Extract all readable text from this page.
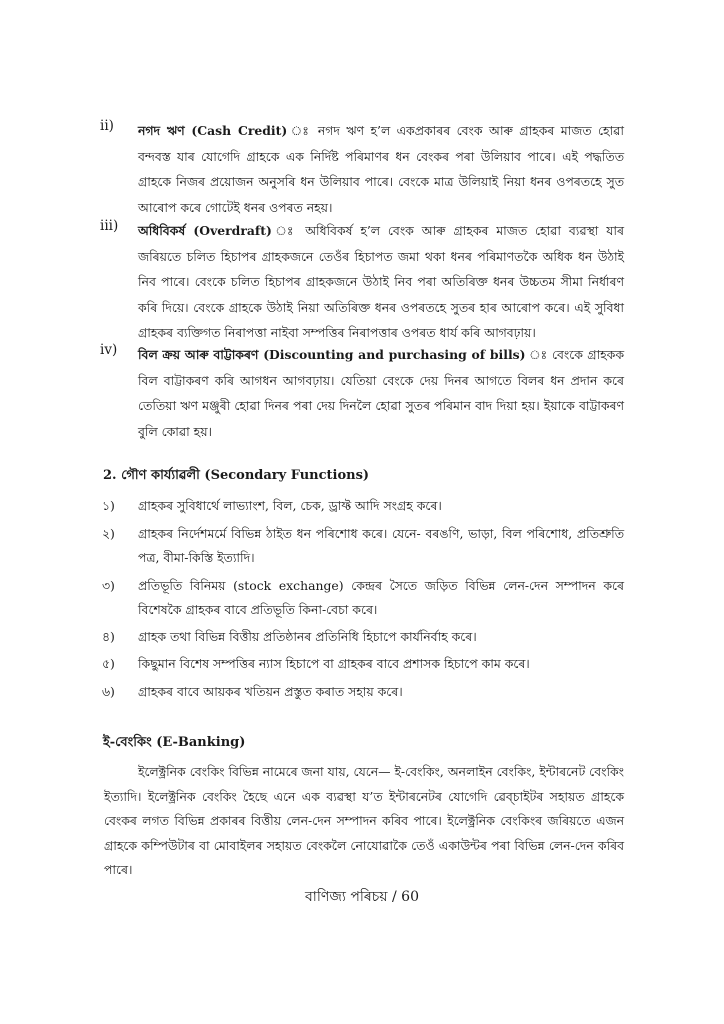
ii) নগদ ঋণ (Cash Credit) ঃ নগদ ঋণ হ’ল একপ্ৰকাৰৰ বেংক আৰু গ্ৰাহকৰ মাজত হোৱা বন্দবস্ত যাৰ যোগেদি গ্ৰাহকে এক নিৰ্দিষ্ট পৰিমাণৰ ধন বেংকৰ পৰা উলিয়াব পাৰে। এই পদ্ধতিত গ্ৰাহকে নিজৰ প্ৰয়োজন অনুসৰি ধন উলিয়াব পাৰে। বেংকে মাত্ৰ উলিয়াই নিয়া ধনৰ ওপৰতহে সুত আৰোপ কৰে গোটেই ধনৰ ওপৰত নহয়।
iii) অধিবিকৰ্ষ (Overdraft) ঃ অধিবিকৰ্ষ হ’ল বেংক আৰু গ্ৰাহকৰ মাজত হোৱা ব্যৱস্থা যাৰ জৰিয়তে চলিত হিচাপৰ গ্ৰাহকজনে তেওঁৰ হিচাপত জমা থকা ধনৰ পৰিমাণতকৈ অধিক ধন উঠাই নিব পাৰে। বেংকে চলিত হিচাপৰ গ্ৰাহকজনে উঠাই নিব পৰা অতিৰিক্ত ধনৰ উচ্চতম সীমা নিৰ্ধাৰণ কৰি দিয়ে। বেংকে গ্ৰাহকে উঠাই নিয়া অতিৰিক্ত ধনৰ ওপৰতহে সুতৰ হাৰ আৰোপ কৰে। এই সুবিধা গ্ৰাহকৰ ব্যক্তিগত নিৰাপত্তা নাইবা সম্পত্তিৰ নিৰাপত্তাৰ ওপৰত ধাৰ্য কৰি আগবঢ়ায়।
iv) বিল ক্ৰয় আৰু বাট্টাকৰণ (Discounting and purchasing of bills) ঃ বেংকে গ্ৰাহকক বিল বাট্টাকৰণ কৰি আগধন আগবঢ়ায়। যেতিয়া বেংকে দেয় দিনৰ আগতে বিলৰ ধন প্ৰদান কৰে তেতিয়া ঋণ মঞ্জুৰী হোৱা দিনৰ পৰা দেয় দিনলৈ হোৱা সুতৰ পৰিমান বাদ দিয়া হয়। ইয়াকে বাট্টাকৰণ বুলি কোৱা হয়।
2. গৌণ কাৰ্য্যাৱলী (Secondary Functions)
১) গ্ৰাহকৰ সুবিধাৰ্থে লাভ্যাংশ, বিল, চেক, ড্ৰাফ্ট আদি সংগ্ৰহ কৰে।
২) গ্ৰাহকৰ নিৰ্দেশমৰ্মে বিভিন্ন ঠাইত ধন পৰিশোধ কৰে। যেনে- বৰঙণি, ভাড়া, বিল পৰিশোধ, প্ৰতিশ্ৰুতি পত্ৰ, বীমা-কিস্তি ইত্যাদি।
৩) প্ৰতিভূতি বিনিময় (stock exchange) কেন্দ্ৰৰ সৈতে জড়িত বিভিন্ন লেন-দেন সম্পাদন কৰে বিশেষকৈ গ্ৰাহকৰ বাবে প্ৰতিভূতি কিনা-বেচা কৰে।
৪) গ্ৰাহক তথা বিভিন্ন বিত্তীয় প্ৰতিষ্ঠানৰ প্ৰতিনিধি হিচাপে কাৰ্যনিৰ্বাহ কৰে।
৫) কিছুমান বিশেষ সম্পত্তিৰ ন্যাস হিচাপে বা গ্ৰাহকৰ বাবে প্ৰশাসক হিচাপে কাম কৰে।
৬) গ্ৰাহকৰ বাবে আয়কৰ খতিয়ন প্ৰস্তুত কৰাত সহায় কৰে।
ই-বেংকিং (E-Banking)
ইলেক্ট্ৰনিক বেংকিং বিভিন্ন নামেৰে জনা যায়, যেনে— ই-বেংকিং, অনলাইন বেংকিং, ইন্টাৰনেট বেংকিং ইত্যাদি। ইলেক্ট্ৰনিক বেংকিং হৈছে এনে এক ব্যৱস্থা য’ত ইন্টাৰনেটৰ যোগেদি ৱেব্‌চাইটৰ সহায়ত গ্ৰাহকে বেংকৰ লগত বিভিন্ন প্ৰকাৰৰ বিত্তীয় লেন-দেন সম্পাদন কৰিব পাৰে। ইলেক্ট্ৰনিক বেংকিংৰ জৰিয়তে এজন গ্ৰাহকে কম্পিউটাৰ বা মোবাইলৰ সহায়ত বেংকলৈ নোযোৱাকৈ তেওঁ একাউন্টৰ পৰা বিভিন্ন লেন-দেন কৰিব পাৰে।
বাণিজ্য পৰিচয় / 60
